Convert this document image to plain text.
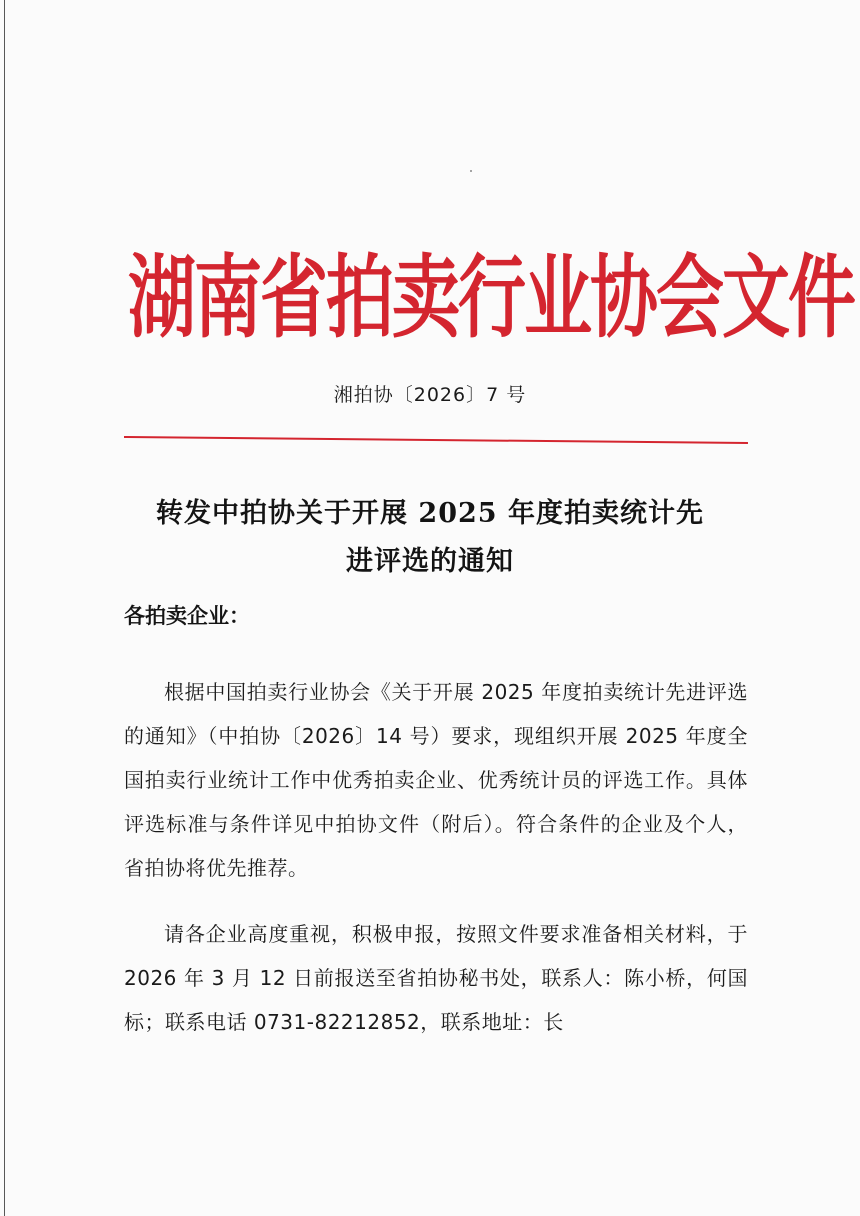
湖南省拍卖行业协会文件
湘拍协〔2026〕7 号
转发中拍协关于开展 2025 年度拍卖统计先
进评选的通知
各拍卖企业：
根据中国拍卖行业协会《关于开展 2025 年度拍卖统计先进评选的通知》（中拍协〔2026〕14 号）要求，现组织开展 2025 年度全国拍卖行业统计工作中优秀拍卖企业、优秀统计员的评选工作。具体评选标准与条件详见中拍协文件（附后）。符合条件的企业及个人，省拍协将优先推荐。
请各企业高度重视，积极申报，按照文件要求准备相关材料，于 2026 年 3 月 12 日前报送至省拍协秘书处，联系人：陈小桥，何国标；联系电话 0731-82212852，联系地址：长
